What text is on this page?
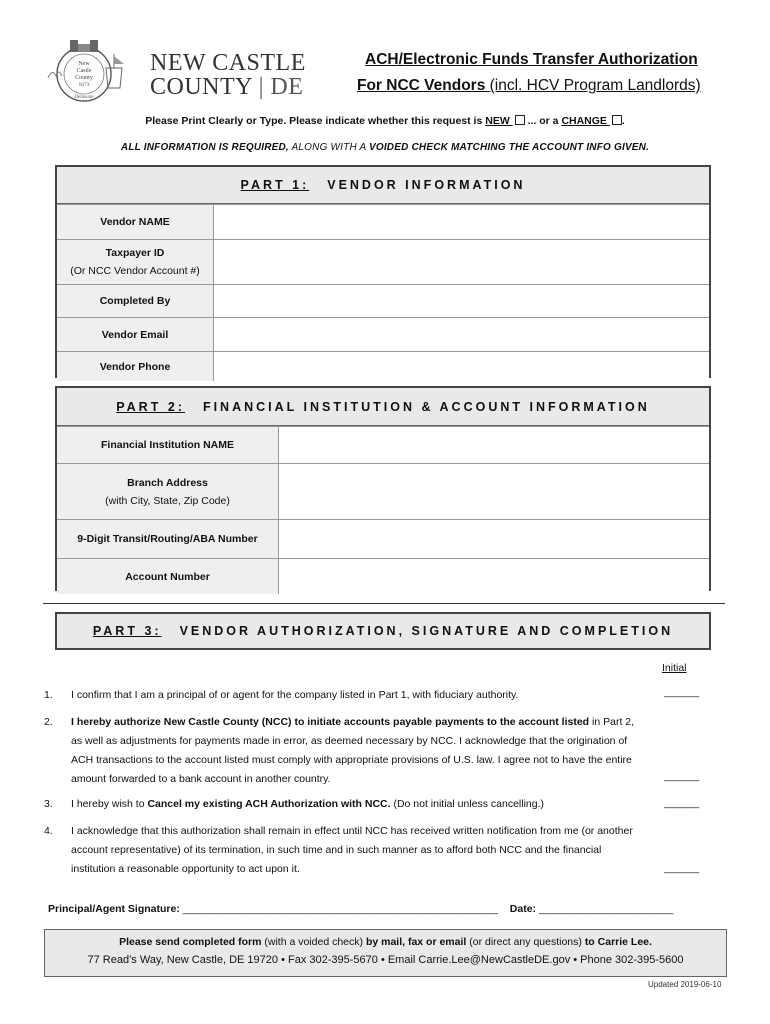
New
Castle
County
1673
Delaware
NEW CASTLE
COUNTY | DE
ACH/Electronic Funds Transfer Authorization
For NCC Vendors (incl. HCV Program Landlords)
Please Print Clearly or Type. Please indicate whether this request is NEW ... or a CHANGE .
ALL INFORMATION IS REQUIRED, ALONG WITH A VOIDED CHECK MATCHING THE ACCOUNT INFO GIVEN.
PART 1: VENDOR INFORMATION
Vendor NAME
Taxpayer ID
(Or NCC Vendor Account #)
Completed By
Vendor Email
Vendor Phone
PART 2: FINANCIAL INSTITUTION & ACCOUNT INFORMATION
Financial Institution NAME
Branch Address
(with City, State, Zip Code)
9-Digit Transit/Routing/ABA Number
Account Number
PART 3: VENDOR AUTHORIZATION, SIGNATURE AND COMPLETION
Initial
1. I confirm that I am a principal of or agent for the company listed in Part 1, with fiduciary authority.	______
2. I hereby authorize New Castle County (NCC) to initiate accounts payable payments to the account listed in Part 2, as well as adjustments for payments made in error, as deemed necessary by NCC. I acknowledge that the origination of ACH transactions to the account listed must comply with appropriate provisions of U.S. law. I agree not to have the entire amount forwarded to a bank account in another country.	______
3. I hereby wish to Cancel my existing ACH Authorization with NCC. (Do not initial unless cancelling.)	______
4. I acknowledge that this authorization shall remain in effect until NCC has received written notification from me (or another account representative) of its termination, in such time and in such manner as to afford both NCC and the financial institution a reasonable opportunity to act upon it.	______
Principal/Agent Signature: ______________________________________________________ Date: _______________________
Please send completed form (with a voided check) by mail, fax or email (or direct any questions) to Carrie Lee.
77 Read’s Way, New Castle, DE 19720 • Fax 302-395-5670 • Email Carrie.Lee@NewCastleDE.gov • Phone 302-395-5600
Updated 2019-06-10
